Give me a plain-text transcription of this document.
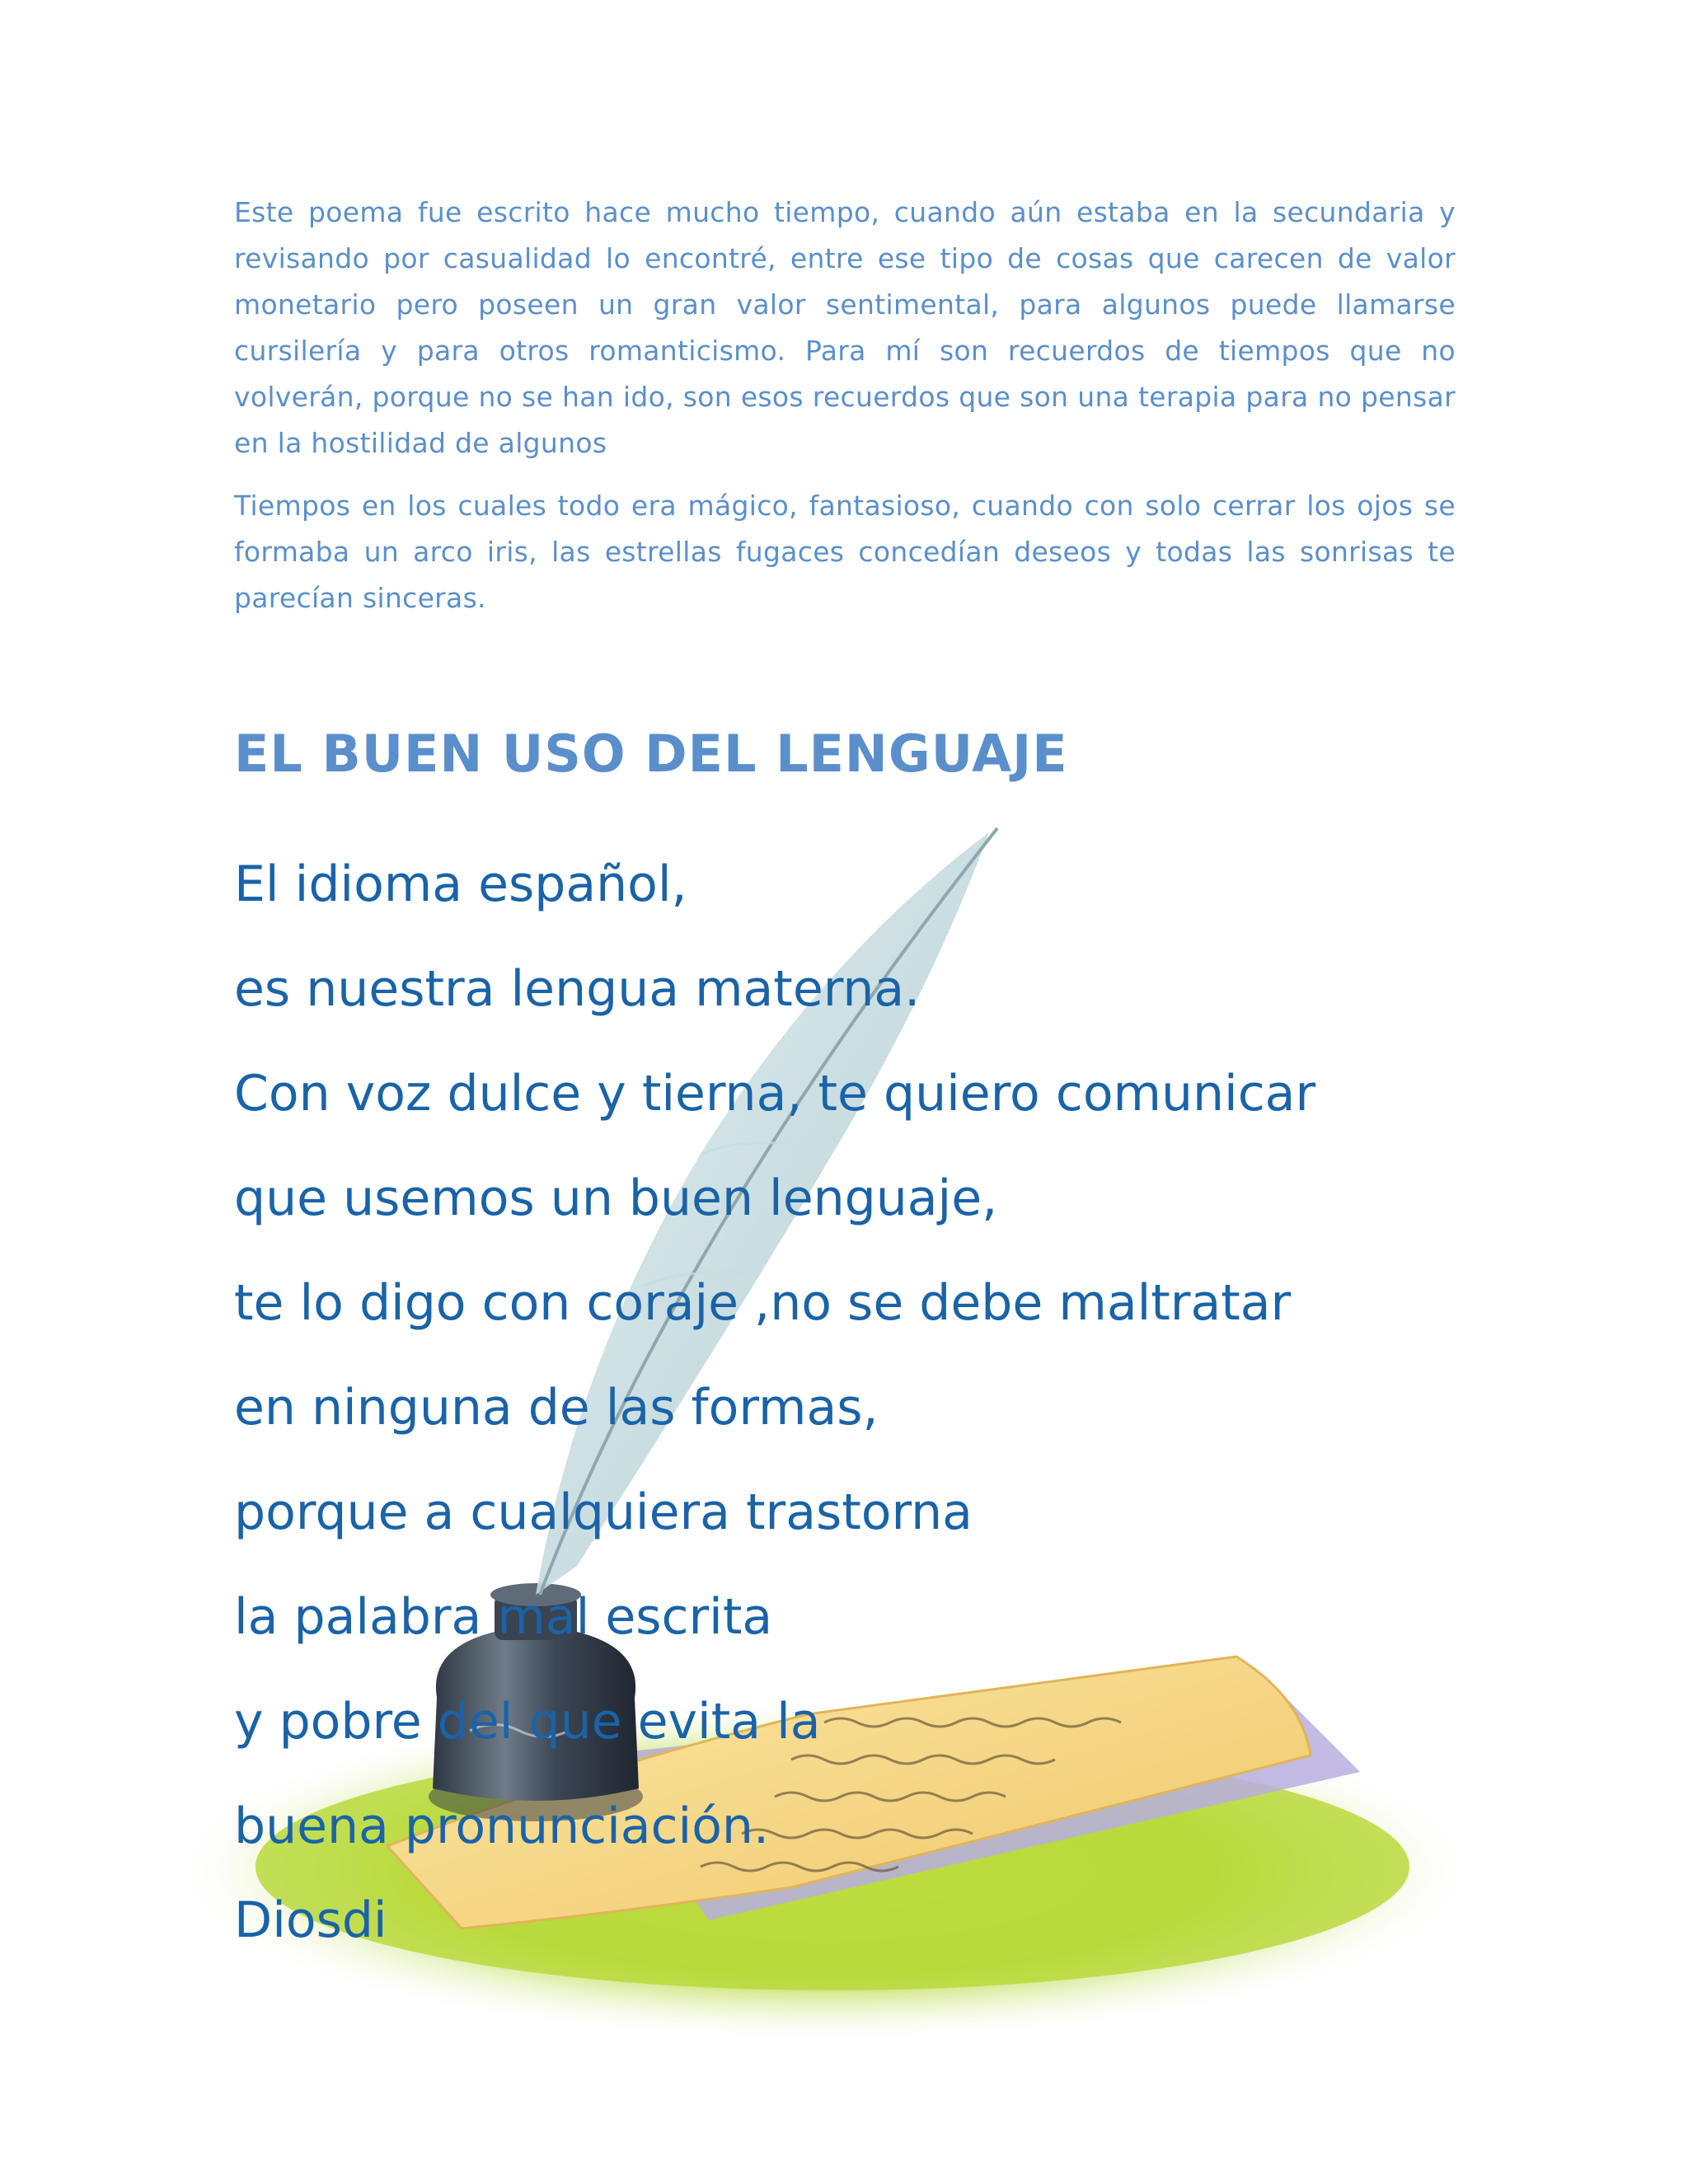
Este poema fue escrito hace mucho tiempo, cuando aún estaba en la secundaria y revisando por casualidad lo encontré, entre ese tipo de cosas que carecen de valor monetario pero poseen un gran valor sentimental, para algunos puede llamarse cursilería y para otros romanticismo. Para mí son recuerdos de tiempos que no volverán, porque no se han ido, son esos recuerdos que son una terapia para no pensar en la hostilidad de algunos

Tiempos en los cuales todo era mágico, fantasioso, cuando con solo cerrar los ojos se formaba un arco iris, las estrellas fugaces concedían deseos y todas las sonrisas te parecían sinceras.

EL BUEN USO DEL LENGUAJE
El idioma español,
es nuestra lengua materna.
Con voz dulce y tierna, te quiero comunicar
que usemos un buen lenguaje,
te lo digo con coraje ,no se debe maltratar
en ninguna de las formas,
porque a cualquiera trastorna
la palabra mal escrita
y pobre del que evita la
buena pronunciación.
Diosdi
